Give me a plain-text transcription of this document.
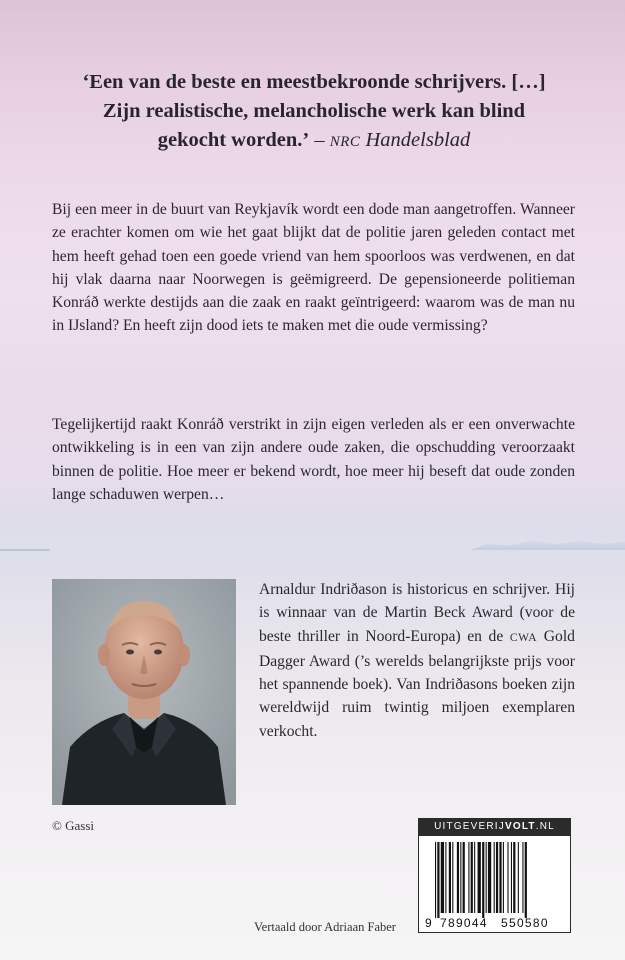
‘Een van de beste en meestbekroonde schrijvers. […]
Zijn realistische, melancholische werk kan blind
gekocht worden.’ – NRC Handelsblad
Bij een meer in de buurt van Reykjavík wordt een dode man aangetroffen. Wanneer ze erachter komen om wie het gaat blijkt dat de politie jaren geleden contact met hem heeft gehad toen een goede vriend van hem spoorloos was verdwenen, en dat hij vlak daarna naar Noorwegen is geëmigreerd. De gepensioneerde politieman Konráð werkte destijds aan die zaak en raakt geïntrigeerd: waarom was de man nu in IJsland? En heeft zijn dood iets te maken met die oude vermissing?
Tegelijkertijd raakt Konráð verstrikt in zijn eigen verleden als er een onverwachte ontwikkeling is in een van zijn andere oude zaken, die opschudding veroorzaakt binnen de politie. Hoe meer er bekend wordt, hoe meer hij beseft dat oude zonden lange schaduwen werpen…
© Gassi
Arnaldur Indriðason is historicus en schrijver. Hij is winnaar van de Martin Beck Award (voor de beste thriller in Noord-Europa) en de CWA Gold Dagger Award (’s werelds belangrijkste prijs voor het spannende boek). Van Indriðasons boeken zijn wereldwijd ruim twintig miljoen exemplaren verkocht.
Vertaald door Adriaan Faber
UITGEVERIJVOLT.NL
9 789044 550580
